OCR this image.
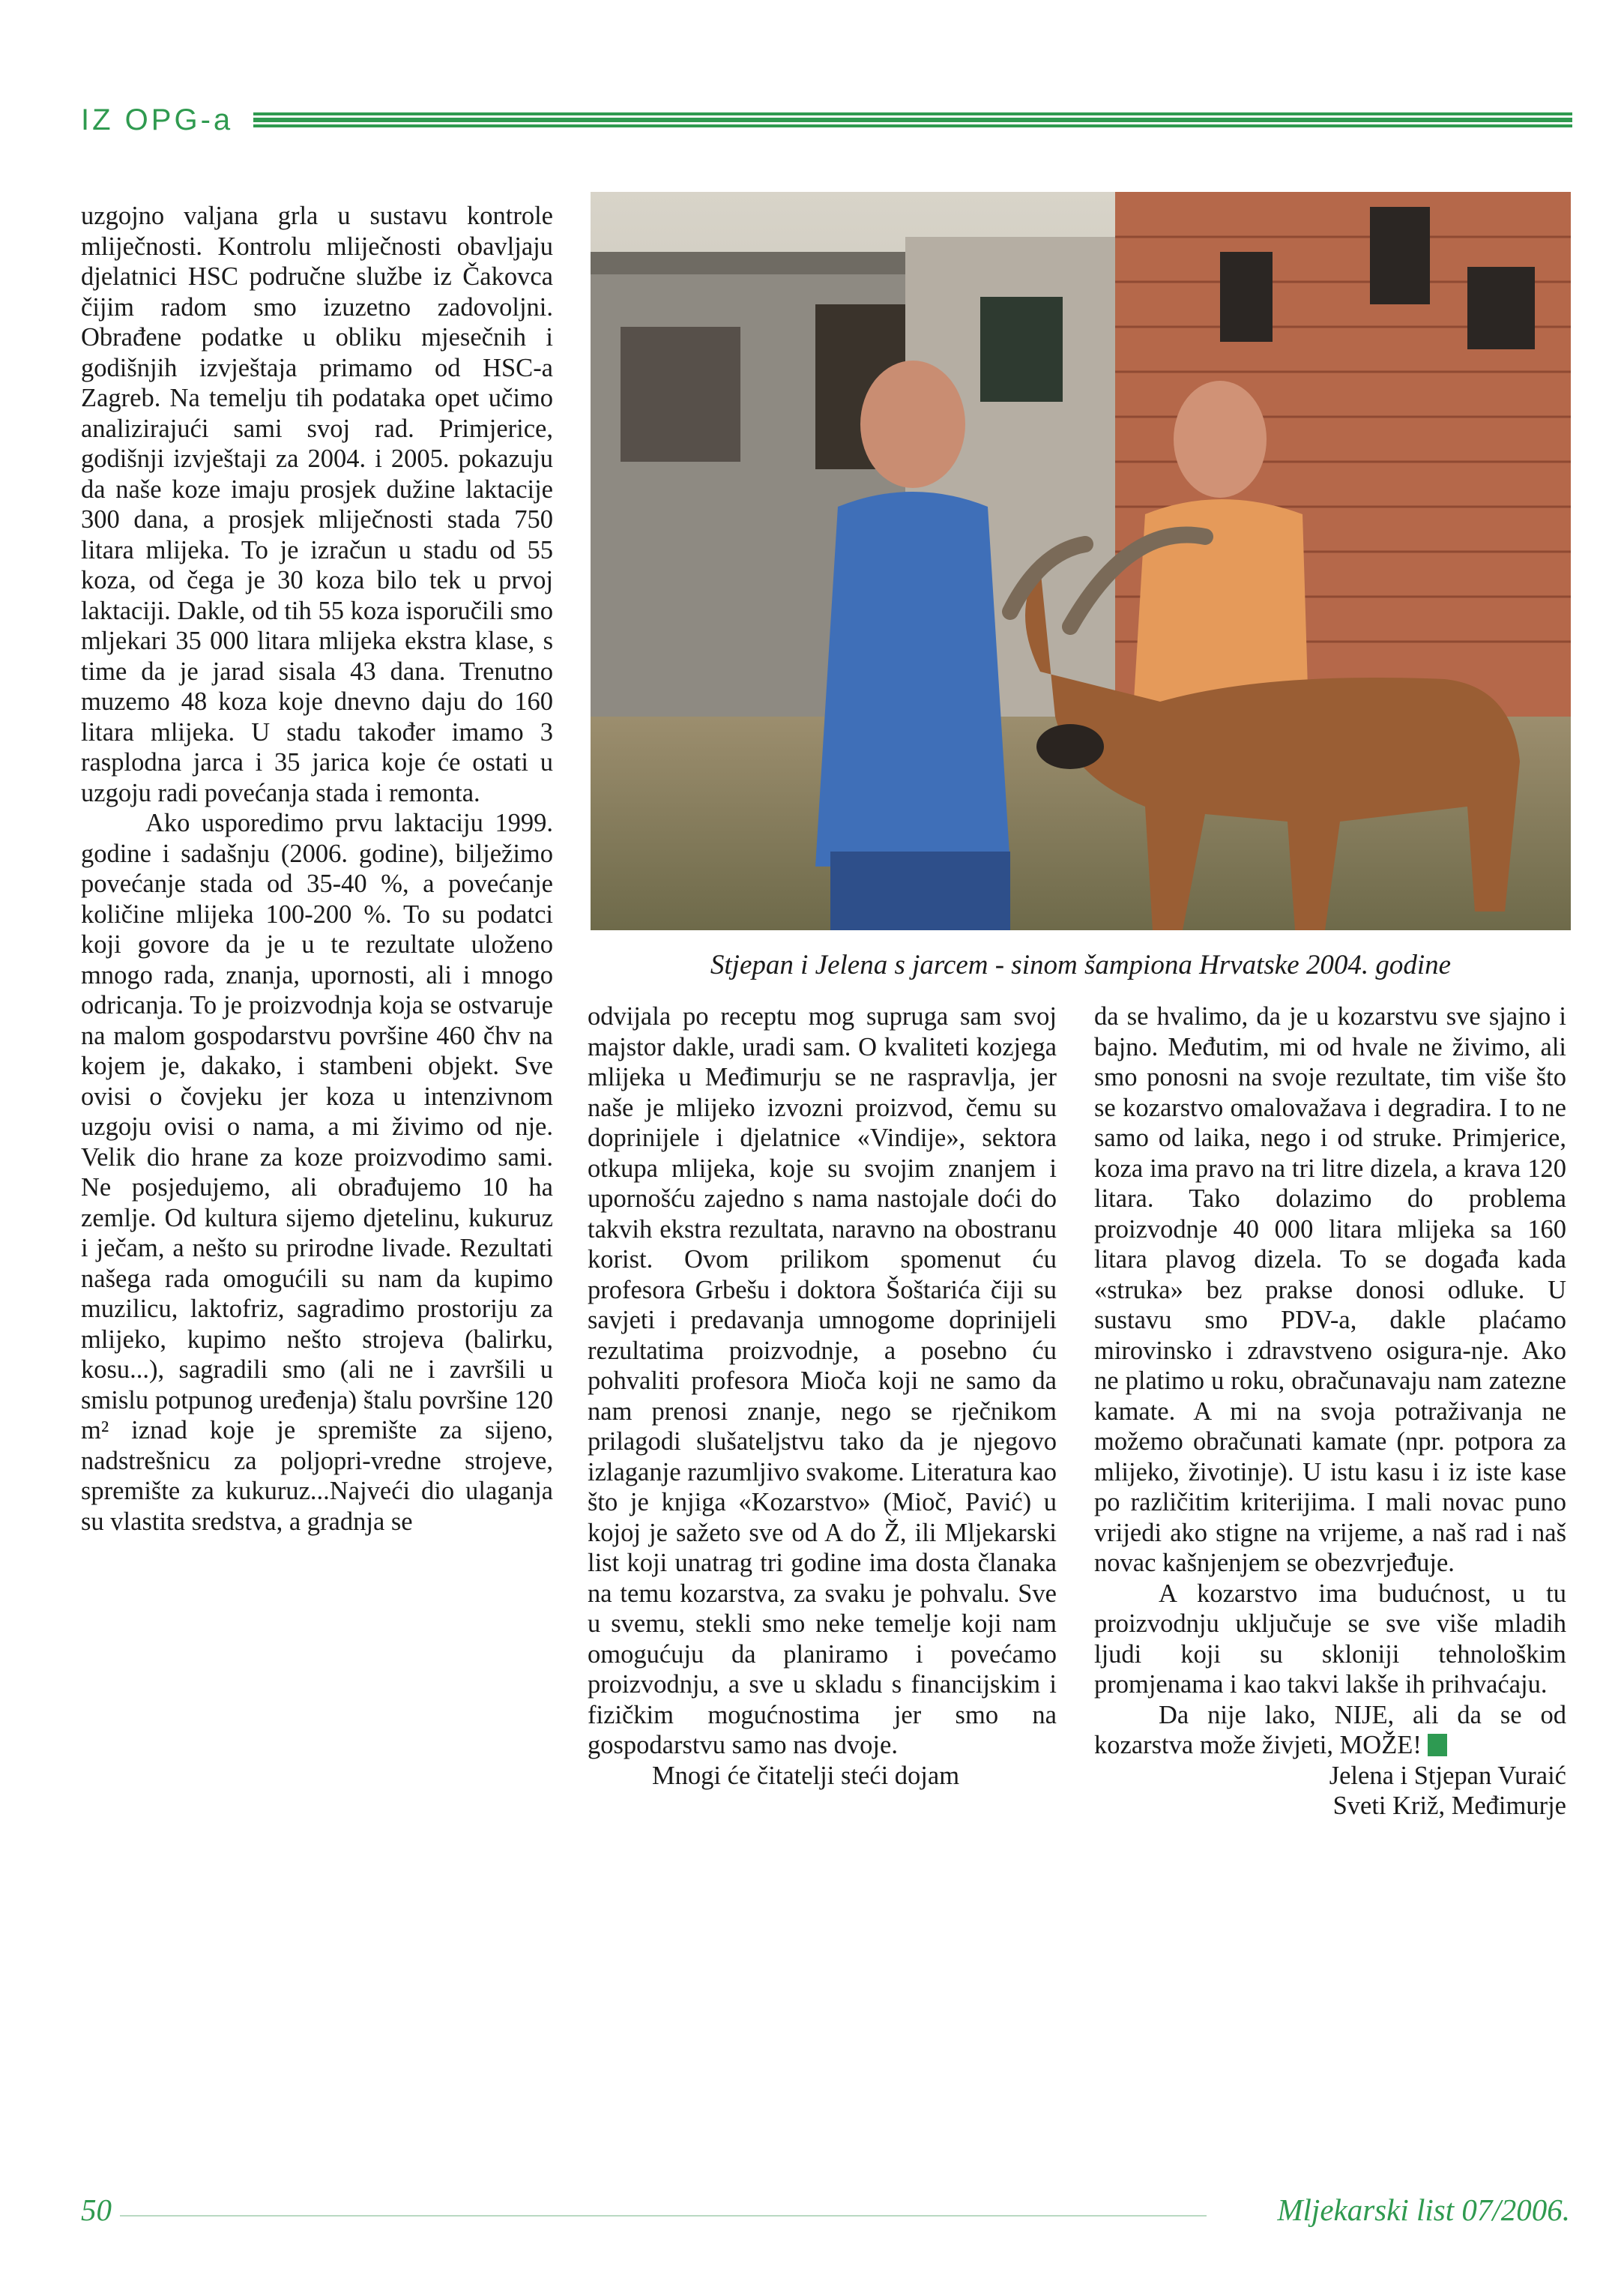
IZ OPG-a

uzgojno valjana grla u sustavu kontrole mliječnosti. Kontrolu mliječnosti obavljaju djelatnici HSC područne službe iz Čakovca čijim radom smo izuzetno zadovoljni. Obrađene podatke u obliku mjesečnih i godišnjih izvještaja primamo od HSC-a Zagreb. Na temelju tih podataka opet učimo analizirajući sami svoj rad. Primjerice, godišnji izvještaji za 2004. i 2005. pokazuju da naše koze imaju prosjek dužine laktacije 300 dana, a prosjek mliječnosti stada 750 litara mlijeka. To je izračun u stadu od 55 koza, od čega je 30 koza bilo tek u prvoj laktaciji. Dakle, od tih 55 koza isporučili smo mljekari 35 000 litara mlijeka ekstra klase, s time da je jarad sisala 43 dana. Trenutno muzemo 48 koza koje dnevno daju do 160 litara mlijeka. U stadu također imamo 3 rasplodna jarca i 35 jarica koje će ostati u uzgoju radi povećanja stada i remonta.

Ako usporedimo prvu laktaciju 1999. godine i sadašnju (2006. godine), bilježimo povećanje stada od 35-40 %, a povećanje količine mlijeka 100-200 %. To su podatci koji govore da je u te rezultate uloženo mnogo rada, znanja, upornosti, ali i mnogo odricanja. To je proizvodnja koja se ostvaruje na malom gospodarstvu površine 460 čhv na kojem je, dakako, i stambeni objekt. Sve ovisi o čovjeku jer koza u intenzivnom uzgoju ovisi o nama, a mi živimo od nje. Velik dio hrane za koze proizvodimo sami. Ne posjedujemo, ali obrađujemo 10 ha zemlje. Od kultura sijemo djetelinu, kukuruz i ječam, a nešto su prirodne livade. Rezultati našega rada omogućili su nam da kupimo muzilicu, laktofriz, sagradimo prostoriju za mlijeko, kupimo nešto strojeva (balirku, kosu...), sagradili smo (ali ne i završili u smislu potpunog uređenja) štalu površine 120 m² iznad koje je spremište za sijeno, nadstrešnicu za poljopri-vredne strojeve, spremište za kukuruz...Najveći dio ulaganja su vlastita sredstva, a gradnja se

Stjepan i Jelena s jarcem - sinom šampiona Hrvatske 2004. godine

odvijala po receptu mog supruga sam svoj majstor dakle, uradi sam. O kvaliteti kozjega mlijeka u Međimurju se ne raspravlja, jer naše je mlijeko izvozni proizvod, čemu su doprinijele i djelatnice «Vindije», sektora otkupa mlijeka, koje su svojim znanjem i upornošću zajedno s nama nastojale doći do takvih ekstra rezultata, naravno na obostranu korist. Ovom prilikom spomenut ću profesora Grbešu i doktora Šoštarića čiji su savjeti i predavanja umnogome doprinijeli rezultatima proizvodnje, a posebno ću pohvaliti profesora Mioča koji ne samo da nam prenosi znanje, nego se rječnikom prilagodi slušateljstvu tako da je njegovo izlaganje razumljivo svakome. Literatura kao što je knjiga «Kozarstvo» (Mioč, Pavić) u kojoj je sažeto sve od A do Ž, ili Mljekarski list koji unatrag tri godine ima dosta članaka na temu kozarstva, za svaku je pohvalu. Sve u svemu, stekli smo neke temelje koji nam omogućuju da planiramo i povećamo proizvodnju, a sve u skladu s financijskim i fizičkim mogućnostima jer smo na gospodarstvu samo nas dvoje.

Mnogi će čitatelji steći dojam

da se hvalimo, da je u kozarstvu sve sjajno i bajno. Međutim, mi od hvale ne živimo, ali smo ponosni na svoje rezultate, tim više što se kozarstvo omalovažava i degradira. I to ne samo od laika, nego i od struke. Primjerice, koza ima pravo na tri litre dizela, a krava 120 litara. Tako dolazimo do problema proizvodnje 40 000 litara mlijeka sa 160 litara plavog dizela. To se događa kada «struka» bez prakse donosi odluke. U sustavu smo PDV-a, dakle plaćamo mirovinsko i zdravstveno osigura-nje. Ako ne platimo u roku, obračunavaju nam zatezne kamate. A mi na svoja potraživanja ne možemo obračunati kamate (npr. potpora za mlijeko, životinje). U istu kasu i iz iste kase po različitim kriterijima. I mali novac puno vrijedi ako stigne na vrijeme, a naš rad i naš novac kašnjenjem se obezvrjeđuje.

A kozarstvo ima budućnost, u tu proizvodnju uključuje se sve više mladih ljudi koji su skloniji tehnološkim promjenama i kao takvi lakše ih prihvaćaju.

Da nije lako, NIJE, ali da se od kozarstva može živjeti, MOŽE!

Jelena i Stjepan Vuraić

Sveti Križ, Međimurje

50	Mljekarski list 07/2006.
